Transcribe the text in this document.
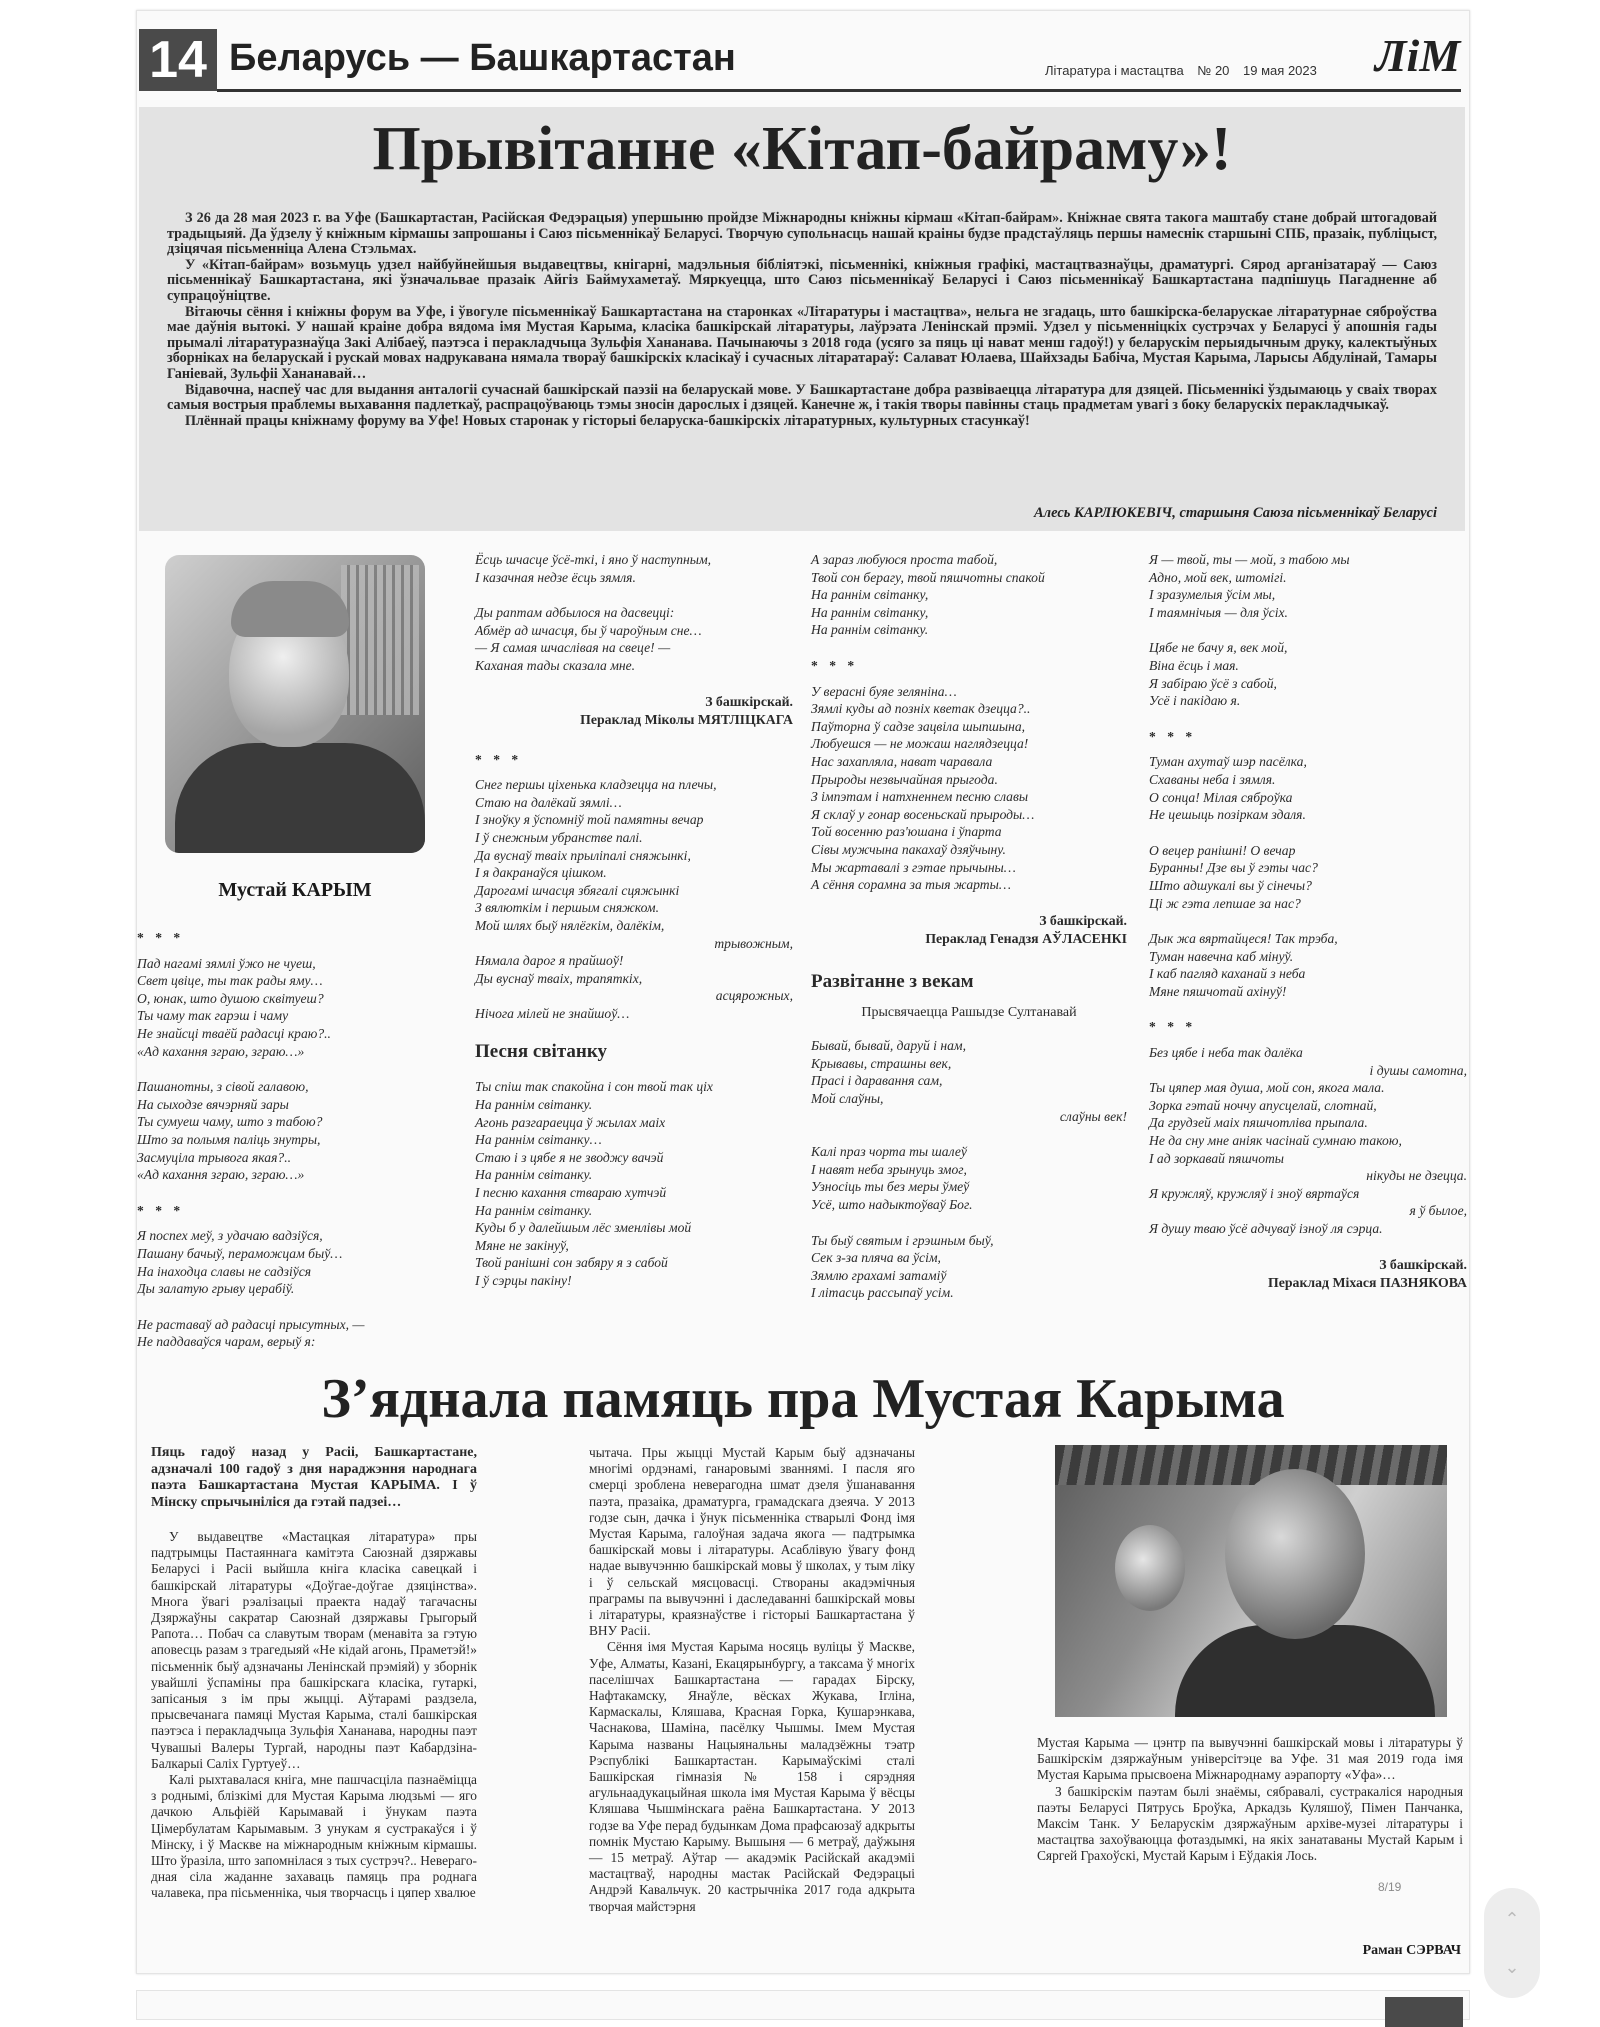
14 Беларусь — Башкартастан	Літаратура і мастацтва № 20 19 мая 2023 ЛіМ
Прывітанне «Кітап-байраму»!

З 26 да 28 мая 2023 г. ва Уфе (Башкартастан, Расійская Федэрацыя) упершыню пройдзе Міжнародны кніжны кірмаш «Кітап-байрам». Кніжнае свята такога маштабу стане добрай штогадовай традыцыяй. Да ўдзелу ў кніжным кірмашы запрошаны і Саюз пісьменнікаў Беларусі. Творчую супольнасць нашай краіны будзе прадстаўляць першы намеснік старшыні СПБ, празаік, публіцыст, дзіцячая пісьменніца Алена Стэльмах.

У «Кітап-байрам» возьмуць удзел найбуйнейшыя выдавецтвы, кнігарні, мадэльныя бібліятэкі, пісьменнікі, кніжныя графікі, мастацтвазнаўцы, драматургі. Сярод арганізатараў — Саюз пісьменнікаў Башкартастана, які ўзначальвае празаік Айгіз Баймухаметаў. Мяркуецца, што Саюз пісьменнікаў Беларусі і Саюз пісьменнікаў Башкартастана падпішуць Пагадненне аб супрацоўніцтве.

Вітаючы сёння і кніжны форум ва Уфе, і ўвогуле пісьменнікаў Башкартастана на старонках «Літаратуры і мастацтва», нельга не згадаць, што башкірска-беларускае літаратурнае сяброўства мае даўнія вытокі. У нашай краіне добра вядома імя Мустая Карыма, класіка башкірскай літаратуры, лаўрэата Ленінскай прэміі. Удзел у пісьменніцкіх сустрэчах у Беларусі ў апошнія гады прымалі літаратуразнаўца Закі Алібаеў, паэтэса і перакладчыца Зульфія Хананава. Пачынаючы з 2018 года (усяго за пяць ці нават менш гадоў!) у беларускім перыядычным друку, калектыўных зборніках на беларускай і рускай мовах надрукавана нямала твораў башкірскіх класікаў і сучасных літаратараў: Салават Юлаева, Шайхзады Бабіча, Мустая Карыма, Ларысы Абдулінай, Тамары Ганіевай, Зульфіі Хананавай…

Відавочна, наспеў час для выдання анталогіі сучаснай башкірскай паэзіі на беларускай мове. У Башкартастане добра развіваецца літаратура для дзяцей. Пісьменнікі ўздымаюць у сваіх творах самыя вострыя праблемы выхавання падлеткаў, распрацоўваюць тэмы зносін дарослых і дзяцей. Канечне ж, і такія творы павінны стаць прадметам увагі з боку беларускіх перакладчыкаў.

Плённай працы кніжнаму форуму ва Уфе! Новых старонак у гісторыі беларуска-башкірскіх літаратурных, культурных стасункаў!

Алесь КАРЛЮКЕВІЧ, старшыня Саюза пісьменнікаў Беларусі
Мустай КАРЫМ
* * *

Пад нагамі зямлі ўжо не чуеш,

Свет цвіце, ты так рады яму…

О, юнак, што душою сквітуеш?

Ты чаму так гарэш і чаму

Не знайсці тваёй радасці краю?..

«Ад кахання зграю, зграю…»

Пашанотны, з сівой галавою,

На сыходзе вячэрняй зары

Ты сумуеш чаму, што з табою?

Што за полымя паліць знутры,

Засмуціла трывога якая?..

«Ад кахання зграю, зграю…»

* * *

Я поспех меў, з удачаю вадзіўся,

Пашану бачыў, пераможцам быў…

На інаходца славы не садзіўся

Ды залатую грыву церабіў.

Не раставаў ад радасці прысутных, —

Не паддаваўся чарам, верыў я:

Ёсць шчасце ўсё-ткі, і яно ў наступным,

І казачная недзе ёсць зямля.

Ды раптам адбылося на дасвецці:

Абмёр ад шчасця, бы ў чароўным сне…

— Я самая шчаслівая на свеце! —

Каханая тады сказала мне.

З башкірскай.
Пераклад Міколы МЯТЛІЦКАГА
* * *

Снег першы ціхенька кладзецца на плечы,

Стаю на далёкай зямлі…

І зноўку я ўспомніў той памятны вечар

І ў снежным убранстве палі.

Да вуснаў тваіх прыліпалі сняжынкі,

І я дакранаўся цішком.

Дарогамі шчасця збягалі сцяжынкі

З вялюткім і першым сняжком.

Мой шлях быў нялёгкім, далёкім,

трывожным,

Нямала дарог я прайшоў!

Ды вуснаў тваіх, трапяткіх,

асцярожных,

Нічога мілей не знайшоў…

Песня світанку

Ты спіш так спакойна і сон твой так ціх

На раннім світанку.

Агонь разгараецца ў жылах маіх

На раннім світанку…

Стаю і з цябе я не зводжу вачэй

На раннім світанку.

І песню кахання ствараю хутчэй

На раннім світанку.

Куды б у далейшым лёс зменлівы мой

Мяне не закінуў,

Твой ранішні сон забяру я з сабой

І ў сэрцы пакіну!

А зараз любуюся проста табой,

Твой сон берагу, твой пяшчотны спакой

На раннім світанку,

На раннім світанку,

На раннім світанку.

* * *

У верасні буяе зеляніна…

Зямлі куды ад позніх кветак дзецца?..

Паўторна ў садзе зацвіла шыпшына,

Любуешся — не можаш наглядзецца!

Нас захапляла, нават чаравала

Прыроды незвычайная прыгода.

З імпэтам і натхненнем песню славы

Я склаў у гонар восеньскай прыроды…

Той восенню раз'юшана і ўпарта

Сівы мужчына пакахаў дзяўчыну.

Мы жартавалі з гэтае прычыны…

А сёння сорамна за тыя жарты…

З башкірскай.
Пераклад Генадзя АЎЛАСЕНКІ
Развітанне з векам
Прысвячаецца Рашыдзе Султанавай

Бывай, бывай, даруй і нам,

Крывавы, страшны век,

Прасі і даравання сам,

Мой слаўны,

слаўны век!

Калі праз чорта ты шалеў

І навят неба зрынуць змог,

Узносіць ты без меры ўмеў

Усё, што надыктоўваў Бог.

Ты быў святым і грэшным быў,

Сек з-за пляча ва ўсім,

Зямлю грахамі затаміў

І літасць рассыпаў усім.

Я — твой, ты — мой, з табою мы

Адно, мой век, штомігі.

І зразумелыя ўсім мы,

І таямнічыя — для ўсіх.

Цябе не бачу я, век мой,

Віна ёсць і мая.

Я забіраю ўсё з сабой,

Усё і пакідаю я.

* * *

Туман ахутаў шэр пасёлка,

Схаваны неба і зямля.

О сонца! Мілая сяброўка

Не цешыць позіркам здаля.

О вецер ранішні! О вечар

Буранны! Дзе вы ў гэты час?

Што адшукалі вы ў сінечы?

Ці ж гэта лепшае за нас?

Дык жа вяртайцеся! Так трэба,

Туман навечна каб мінуў.

І каб пагляд каханай з неба

Мяне пяшчотай ахінуў!

* * *

Без цябе і неба так далёка

і душы самотна,

Ты цяпер мая душа, мой сон, якога мала.

Зорка гэтай ноччу апусцелай, слотнай,

Да грудзей маіх пяшчотліва прыпала.

Не да сну мне аніяк часінай сумнаю такою,

І ад зоркавай пяшчоты

нікуды не дзецца.

Я кружляў, кружляў і зноў вяртаўся

я ў былое,

Я душу тваю ўсё адчуваў ізноў ля сэрца.

З башкірскай.
Пераклад Міхася ПАЗНЯКОВА
З’яднала памяць пра Мустая Карыма

Пяць гадоў назад у Расіі, Башкартастане, адзначалі 100 гадоў з дня нараджэння народнага паэта Башкартастана Мустая КАРЫМА. І ў Мінску спрычыніліся да гэтай падзеі…

У выдавецтве «Мастацкая літаратура» пры падтрымцы Пастаяннага камітэта Саюзнай дзяржавы Беларусі і Расіі выйшла кніга класіка савецкай і башкірскай літаратуры «Доўгае-доўгае дзяцінства». Многа ўвагі рэалізацыі праекта надаў тагачасны Дзяржаўны сакратар Саюзнай дзяржавы Грыгорый Рапота… Побач са славутым творам (менавіта за гэтую аповесць разам з трагедыяй «Не кідай агонь, Праметэй!» пісьменнік быў адзначаны Ленінскай прэміяй) у зборнік увайшлі ўспаміны пра башкірскага класіка, гутаркі, запісаныя з ім пры жыцці. Аўтарамі раздзела, прысвечанага памяці Мустая Карыма, сталі башкірская паэтэса і перакладчыца Зульфія Хананава, народны паэт Чувашыі Валеры Тургай, народны паэт Кабардзіна-Балкарыі Саліх Гуртуеў…

Калі рыхтавалася кніга, мне пашчасціла пазнаёміцца з роднымі, блізкімі для Мустая Карыма людзьмі — яго дачкою Альфіёй Карымавай і ўнукам паэта Цімербулатам Карымавым. З унукам я сустракаўся і ў Мінску, і ў Маскве на міжнародным кніжным кірмашы. Што ўразіла, што запомнілася з тых сустрэч?.. Неверагодная сіла жаданне захаваць памяць пра роднага чалавека, пра пісьменніка, чыя творчасць і цяпер хвалюе

чытача. Пры жыцці Мустай Карым быў адзначаны многімі ордэнамі, ганаровымі званнямі. І пасля яго смерці зроблена неверагодна шмат дзеля ўшанавання паэта, празаіка, драматурга, грамадскага дзеяча. У 2013 годзе сын, дачка і ўнук пісьменніка стварылі Фонд імя Мустая Карыма, галоўная задача якога — падтрымка башкірскай мовы і літаратуры. Асаблівую ўвагу фонд надае вывучэнню башкірскай мовы ў школах, у тым ліку і ў сельскай мясцовасці. Створаны акадэмічныя праграмы па вывучэнні і даследаванні башкірскай мовы і літаратуры, краязнаўстве і гісторыі Башкартастана ў ВНУ Расіі.

Сёння імя Мустая Карыма носяць вуліцы ў Маскве, Уфе, Алматы, Казані, Екацярынбургу, а таксама ў многіх паселішчах Башкартастана — гарадах Бірску, Нафтакамску, Янаўле, вёсках Жукава, Ігліна, Кармаскалы, Кляшава, Красная Горка, Кушарэнкава, Часнакова, Шаміна, пасёлку Чышмы. Імем Мустая Карыма названы Нацыянальны маладзёжны тэатр Рэспублікі Башкартастан. Карымаўскімі сталі Башкірская гімназія № 158 і сярэдняя агульнаадукацыйная школа імя Мустая Карыма ў вёсцы Кляшава Чышмінскага раёна Башкартастана. У 2013 годзе ва Уфе перад будынкам Дома прафсаюзаў адкрыты помнік Мустаю Карыму. Вышыня — 6 метраў, даўжыня — 15 метраў. Аўтар — акадэмік Расійскай акадэміі мастацтваў, народны мастак Расійскай Федэрацыі Андрэй Кавальчук. 20 кастрычніка 2017 года адкрыта творчая майстэрня

Мустая Карыма — цэнтр па вывучэнні башкірскай мовы і літаратуры ў Башкірскім дзяржаўным універсітэце ва Уфе. 31 мая 2019 года імя Мустая Карыма прысвоена Міжнароднаму аэрапорту «Уфа»…

З башкірскім паэтам былі знаёмы, сябравалі, сустракаліся народныя паэты Беларусі Пятрусь Броўка, Аркадзь Куляшоў, Пімен Панчанка, Максім Танк. У Беларускім дзяржаўным архіве-музеі літаратуры і мастацтва захоўваюцца фотаздымкі, на якіх занатаваны Мустай Карым і Сяргей Грахоўскі, Мустай Карым і Еўдакія Лось.

Раман СЭРВАЧ
8/19
⌃
⌄
